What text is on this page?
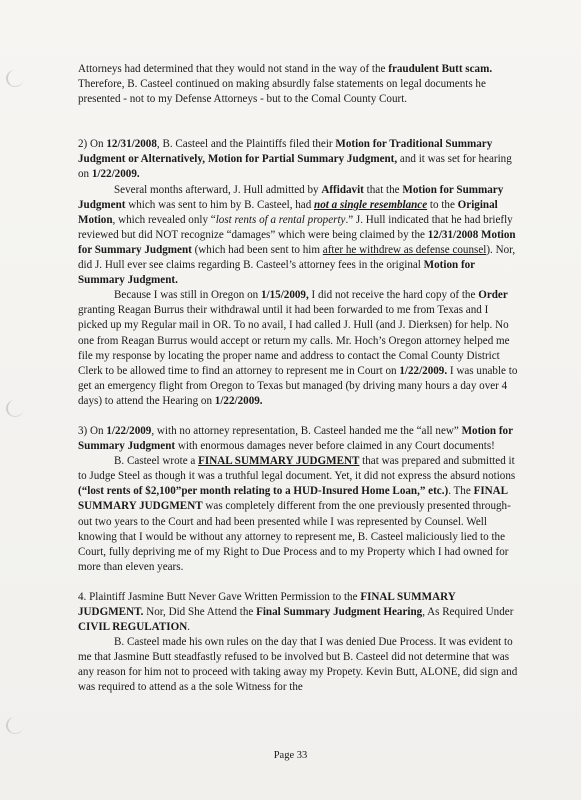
Attorneys had determined that they would not stand in the way of the fraudulent Butt scam. Therefore, B. Casteel continued on making absurdly false statements on legal documents he presented - not to my Defense Attorneys - but to the Comal County Court.

2) On 12/31/2008, B. Casteel and the Plaintiffs filed their Motion for Traditional Summary Judgment or Alternatively, Motion for Partial Summary Judgment, and it was set for hearing on 1/22/2009.

Several months afterward, J. Hull admitted by Affidavit that the Motion for Summary Judgment which was sent to him by B. Casteel, had not a single resemblance to the Original Motion, which revealed only “lost rents of a rental property.” J. Hull indicated that he had briefly reviewed but did NOT recognize “damages” which were being claimed by the 12/31/2008 Motion for Summary Judgment (which had been sent to him after he withdrew as defense counsel). Nor, did J. Hull ever see claims regarding B. Casteel’s attorney fees in the original Motion for Summary Judgment.

Because I was still in Oregon on 1/15/2009, I did not receive the hard copy of the Order granting Reagan Burrus their withdrawal until it had been forwarded to me from Texas and I picked up my Regular mail in OR. To no avail, I had called J. Hull (and J. Dierksen) for help. No one from Reagan Burrus would accept or return my calls. Mr. Hoch’s Oregon attorney helped me file my response by locating the proper name and address to contact the Comal County District Clerk to be allowed time to find an attorney to represent me in Court on 1/22/2009. I was unable to get an emergency flight from Oregon to Texas but managed (by driving many hours a day over 4 days) to attend the Hearing on 1/22/2009.

3) On 1/22/2009, with no attorney representation, B. Casteel handed me the “all new” Motion for Summary Judgment with enormous damages never before claimed in any Court documents!

B. Casteel wrote a FINAL SUMMARY JUDGMENT that was prepared and submitted it to Judge Steel as though it was a truthful legal document. Yet, it did not express the absurd notions (“lost rents of $2,100”per month relating to a HUD-Insured Home Loan,” etc.). The FINAL SUMMARY JUDGMENT was completely different from the one previously presented through-out two years to the Court and had been presented while I was represented by Counsel. Well knowing that I would be without any attorney to represent me, B. Casteel maliciously lied to the Court, fully depriving me of my Right to Due Process and to my Property which I had owned for more than eleven years.

4. Plaintiff Jasmine Butt Never Gave Written Permission to the FINAL SUMMARY JUDGMENT. Nor, Did She Attend the Final Summary Judgment Hearing, As Required Under CIVIL REGULATION.

B. Casteel made his own rules on the day that I was denied Due Process. It was evident to me that Jasmine Butt steadfastly refused to be involved but B. Casteel did not determine that was any reason for him not to proceed with taking away my Propety. Kevin Butt, ALONE, did sign and was required to attend as a the sole Witness for the

Page 33
